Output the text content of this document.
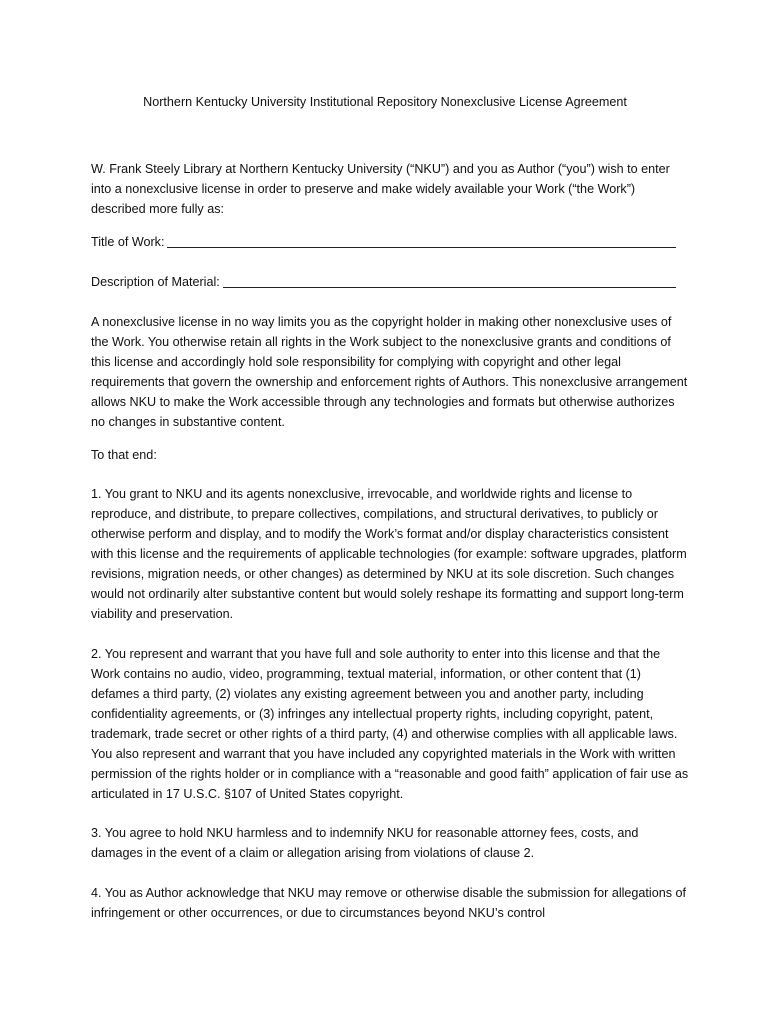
Northern Kentucky University Institutional Repository Nonexclusive License Agreement

W. Frank Steely Library at Northern Kentucky University (“NKU”) and you as Author (“you”) wish to enter into a nonexclusive license in order to preserve and make widely available your Work (“the Work”) described more fully as:

Title of Work:
Description of Material:

A nonexclusive license in no way limits you as the copyright holder in making other nonexclusive uses of the Work. You otherwise retain all rights in the Work subject to the nonexclusive grants and conditions of this license and accordingly hold sole responsibility for complying with copyright and other legal requirements that govern the ownership and enforcement rights of Authors. This nonexclusive arrangement allows NKU to make the Work accessible through any technologies and formats but otherwise authorizes no changes in substantive content.

To that end:

1. You grant to NKU and its agents nonexclusive, irrevocable, and worldwide rights and license to reproduce, and distribute, to prepare collectives, compilations, and structural derivatives, to publicly or otherwise perform and display, and to modify the Work’s format and/or display characteristics consistent with this license and the requirements of applicable technologies (for example: software upgrades, platform revisions, migration needs, or other changes) as determined by NKU at its sole discretion. Such changes would not ordinarily alter substantive content but would solely reshape its formatting and support long-term viability and preservation.

2. You represent and warrant that you have full and sole authority to enter into this license and that the Work contains no audio, video, programming, textual material, information, or other content that (1) defames a third party, (2) violates any existing agreement between you and another party, including confidentiality agreements, or (3) infringes any intellectual property rights, including copyright, patent, trademark, trade secret or other rights of a third party, (4) and otherwise complies with all applicable laws. You also represent and warrant that you have included any copyrighted materials in the Work with written permission of the rights holder or in compliance with a “reasonable and good faith” application of fair use as articulated in 17 U.S.C. §107 of United States copyright.

3. You agree to hold NKU harmless and to indemnify NKU for reasonable attorney fees, costs, and damages in the event of a claim or allegation arising from violations of clause 2.

4. You as Author acknowledge that NKU may remove or otherwise disable the submission for allegations of infringement or other occurrences, or due to circumstances beyond NKU’s control
